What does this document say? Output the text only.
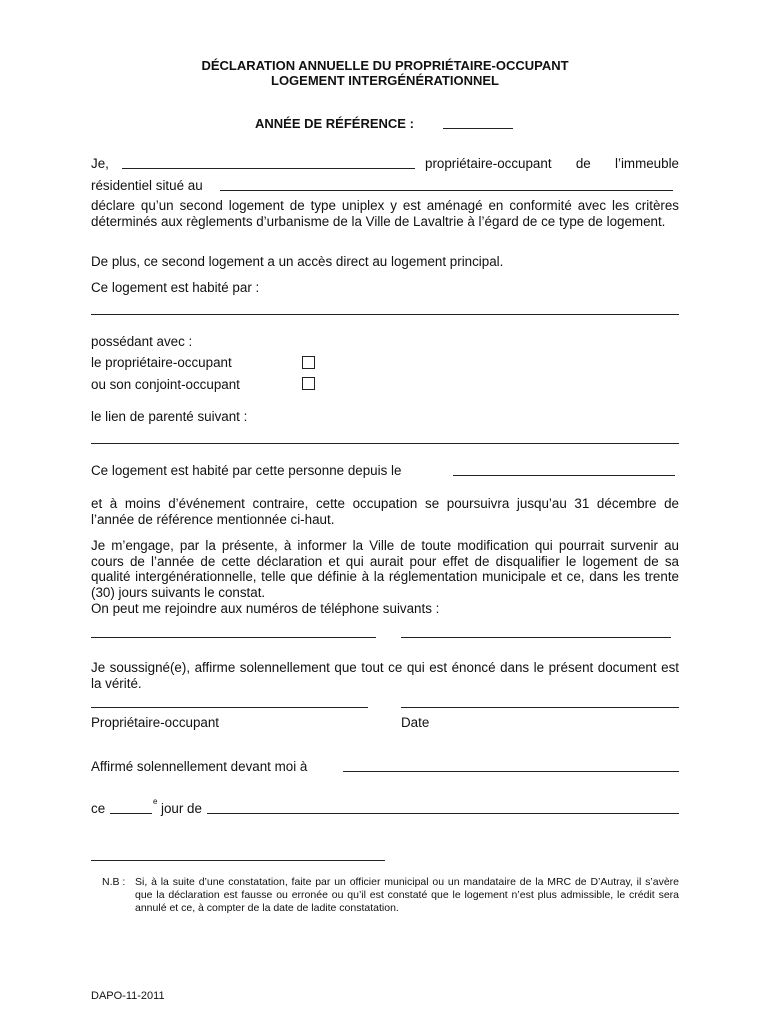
DÉCLARATION ANNUELLE DU PROPRIÉTAIRE-OCCUPANT
LOGEMENT INTERGÉNÉRATIONNEL
ANNÉE DE RÉFÉRENCE :
Je,	propriétaire-occupant de l’immeuble
résidentiel situé au
déclare qu’un second logement de type uniplex y est aménagé en conformité avec les critères déterminés aux règlements d’urbanisme de la Ville de Lavaltrie à l’égard de ce type de logement.
De plus, ce second logement a un accès direct au logement principal.
Ce logement est habité par :
possédant avec :
le propriétaire-occupant
ou son conjoint-occupant
le lien de parenté suivant :
Ce logement est habité par cette personne depuis le
et à moins d’événement contraire, cette occupation se poursuivra jusqu’au 31 décembre de l’année de référence mentionnée ci-haut.
Je m’engage, par la présente, à informer la Ville de toute modification qui pourrait survenir au cours de l’année de cette déclaration et qui aurait pour effet de disqualifier le logement de sa qualité intergénérationnelle, telle que définie à la réglementation municipale et ce, dans les trente (30) jours suivants le constat.
On peut me rejoindre aux numéros de téléphone suivants :
Je soussigné(e), affirme solennellement que tout ce qui est énoncé dans le présent document est la vérité.
Propriétaire-occupant	Date
Affirmé solennellement devant moi à
ce	e jour de
N.B : Si, à la suite d’une constatation, faite par un officier municipal ou un mandataire de la MRC de D’Autray, il s’avère que la déclaration est fausse ou erronée ou qu’il est constaté que le logement n’est plus admissible, le crédit sera annulé et ce, à compter de la date de ladite constatation.
DAPO-11-2011
